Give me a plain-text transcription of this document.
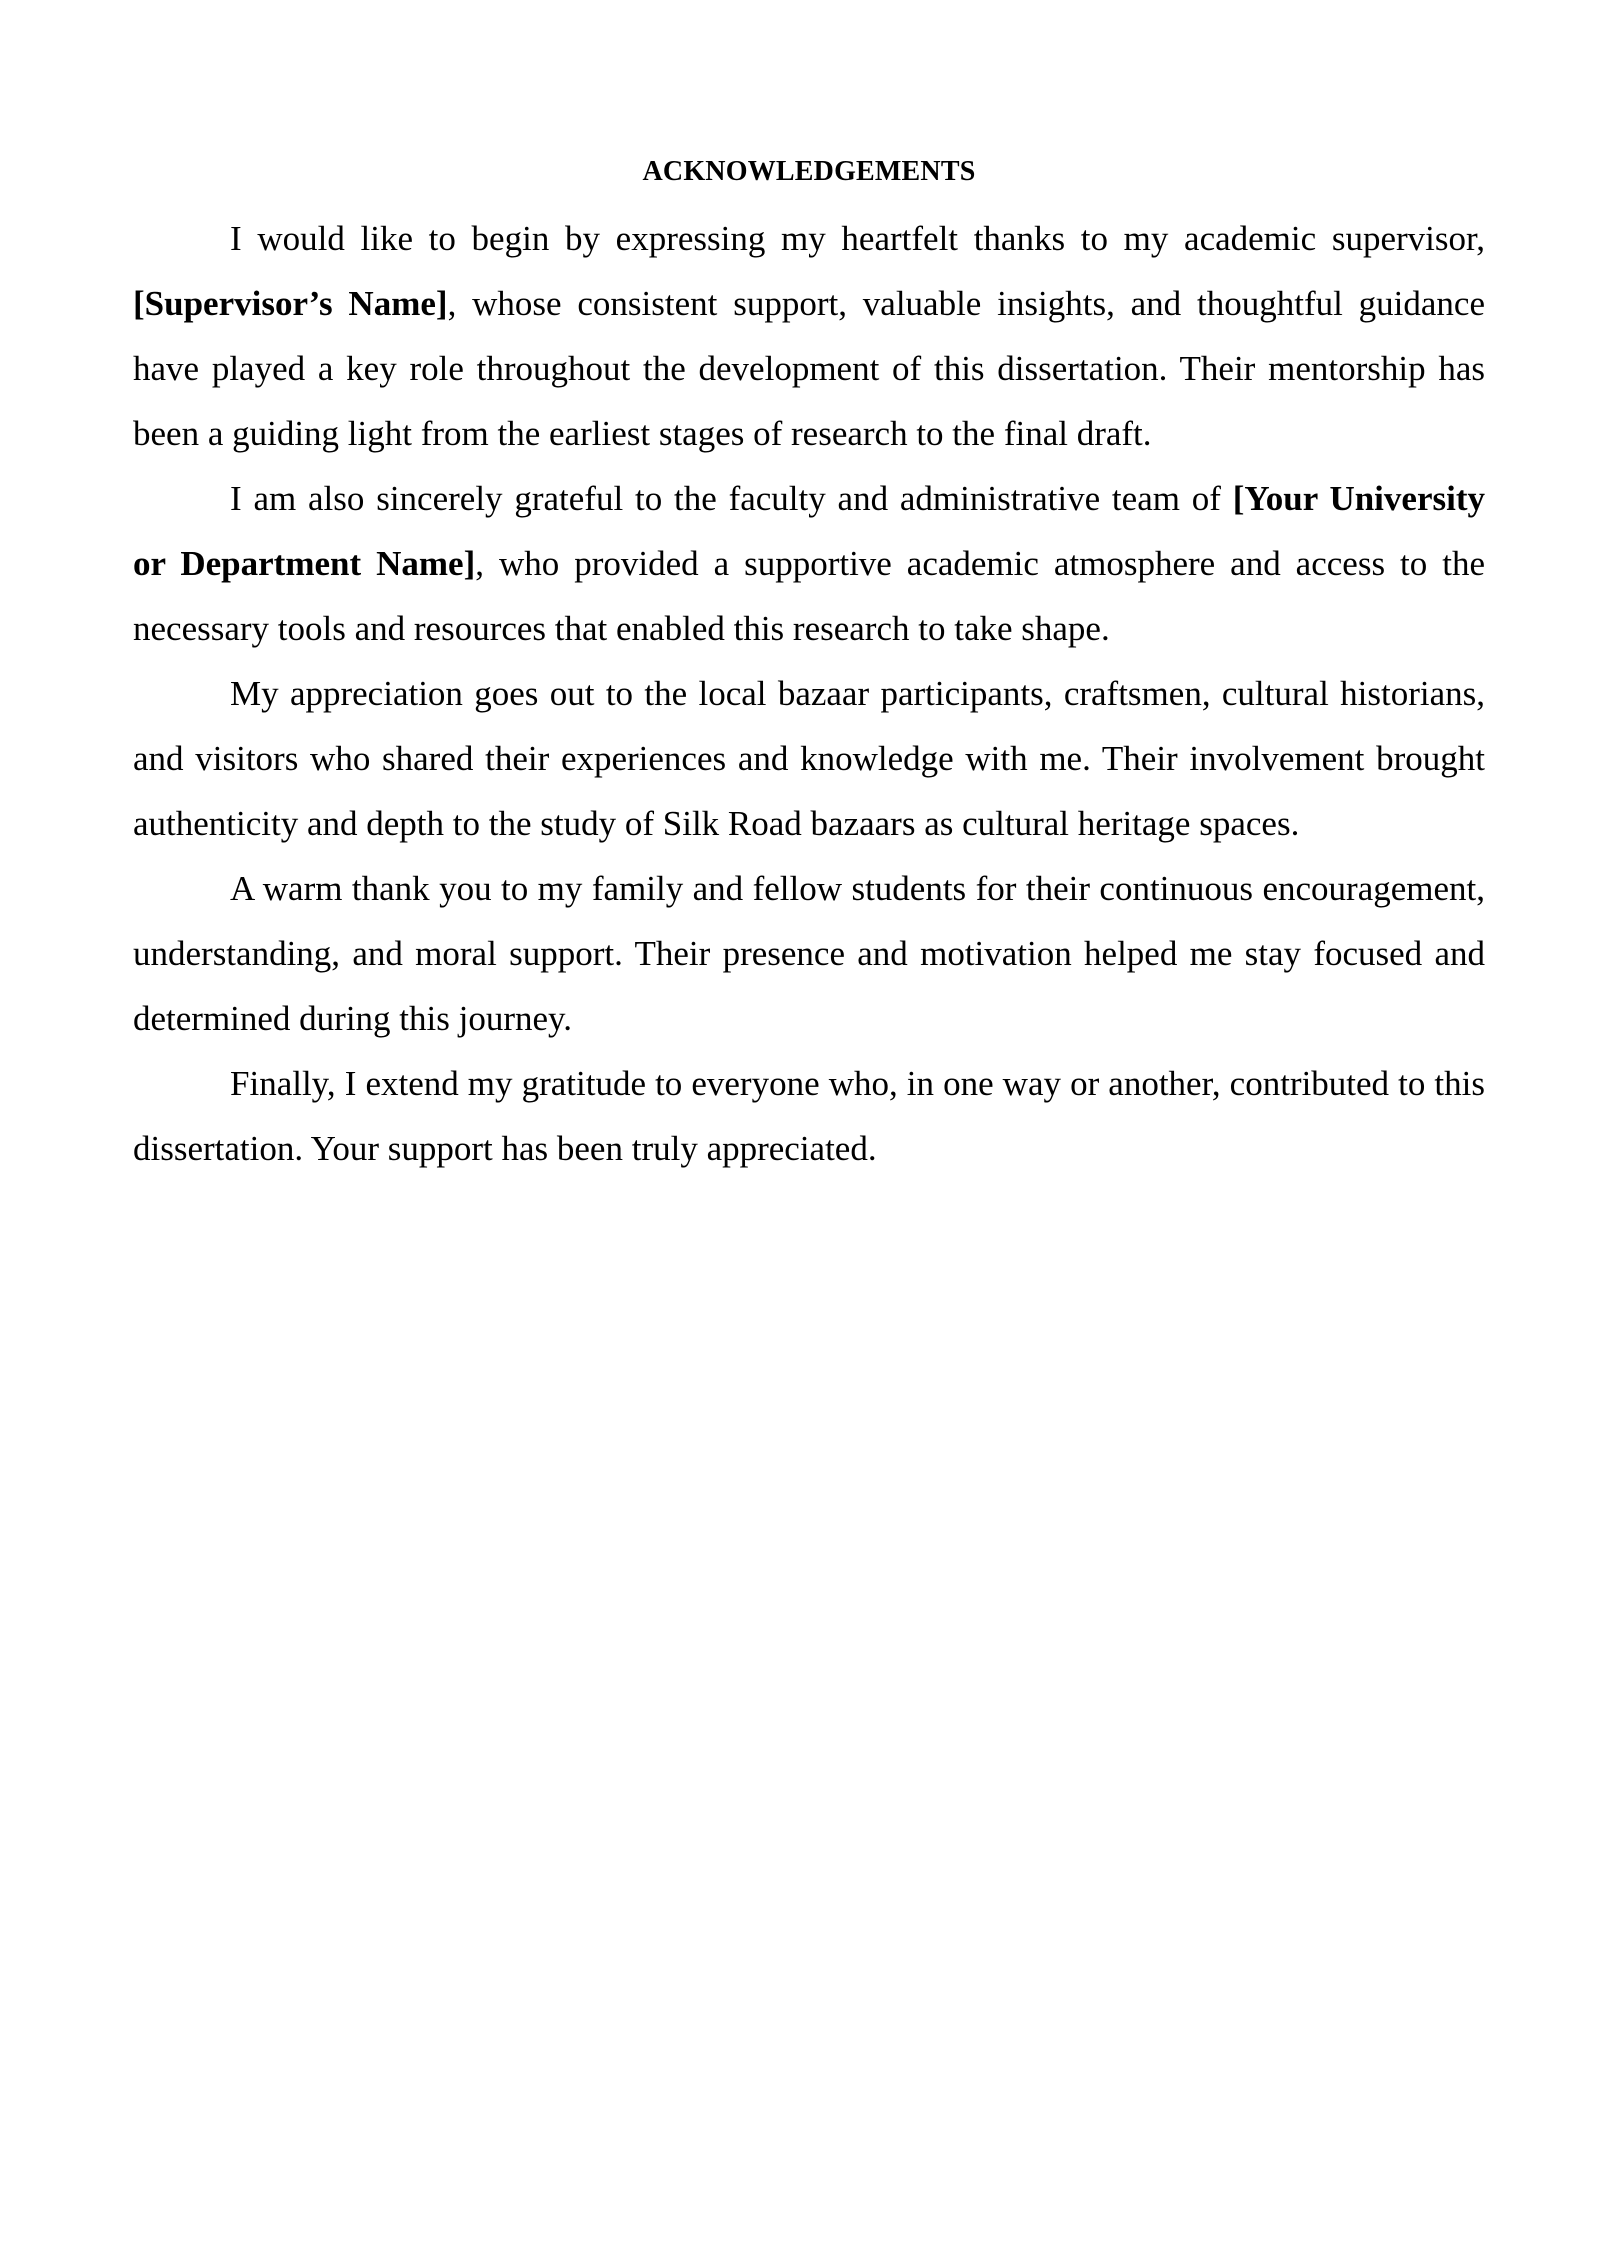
ACKNOWLEDGEMENTS

I would like to begin by expressing my heartfelt thanks to my academic supervisor, [Supervisor’s Name], whose consistent support, valuable insights, and thoughtful guidance have played a key role throughout the development of this dissertation. Their mentorship has been a guiding light from the earliest stages of research to the final draft.

I am also sincerely grateful to the faculty and administrative team of [Your University or Department Name], who provided a supportive academic atmosphere and access to the necessary tools and resources that enabled this research to take shape.

My appreciation goes out to the local bazaar participants, craftsmen, cultural historians, and visitors who shared their experiences and knowledge with me. Their involvement brought authenticity and depth to the study of Silk Road bazaars as cultural heritage spaces.

A warm thank you to my family and fellow students for their continuous encouragement, understanding, and moral support. Their presence and motivation helped me stay focused and determined during this journey.

Finally, I extend my gratitude to everyone who, in one way or another, contributed to this dissertation. Your support has been truly appreciated.
